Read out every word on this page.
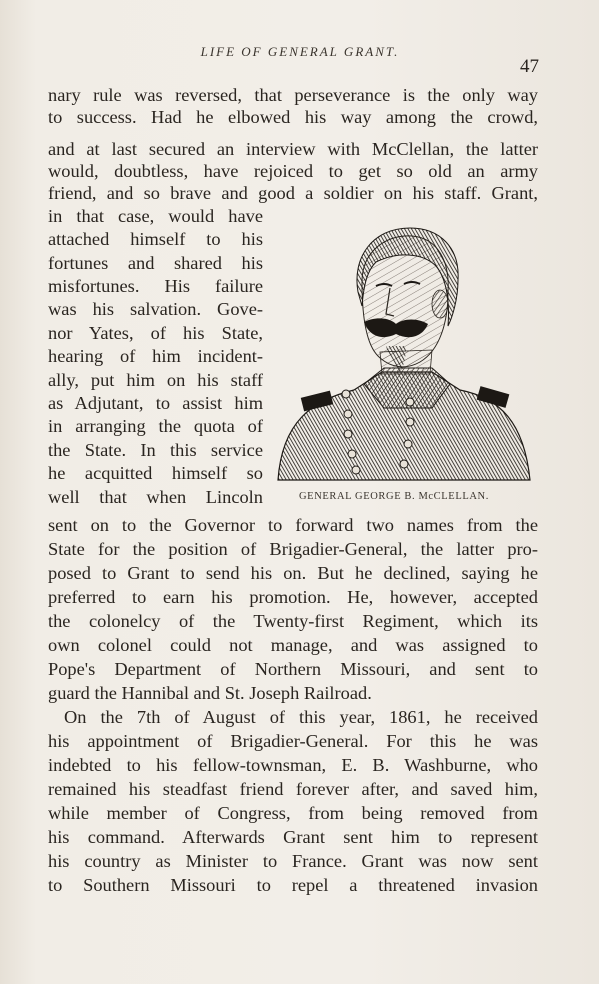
LIFE OF GENERAL GRANT.
47
nary rule was reversed, that perseverance is the only way
to success. Had he elbowed his way among the crowd,
and at last secured an interview with McClellan, the latter
would, doubtless, have rejoiced to get so old an army
friend, and so brave and good a soldier on his staff. Grant,
in that case, would have
attached himself to his
fortunes and shared his
misfortunes. His failure
was his salvation. Gove-
nor Yates, of his State,
hearing of him incident-
ally, put him on his staff
as Adjutant, to assist him
in arranging the quota of
the State. In this service
he acquitted himself so
well that when Lincoln
sent on to the Governor to forward two names from the
State for the position of Brigadier-General, the latter pro-
posed to Grant to send his on. But he declined, saying he
preferred to earn his promotion. He, however, accepted
the colonelcy of the Twenty-first Regiment, which its
own colonel could not manage, and was assigned to
Pope's Department of Northern Missouri, and sent to
guard the Hannibal and St. Joseph Railroad.
On the 7th of August of this year, 1861, he received
his appointment of Brigadier-General. For this he was
indebted to his fellow-townsman, E. B. Washburne, who
remained his steadfast friend forever after, and saved him,
while member of Congress, from being removed from
his command. Afterwards Grant sent him to represent
his country as Minister to France. Grant was now sent
to Southern Missouri to repel a threatened invasion
GENERAL GEORGE B. McCLELLAN.
